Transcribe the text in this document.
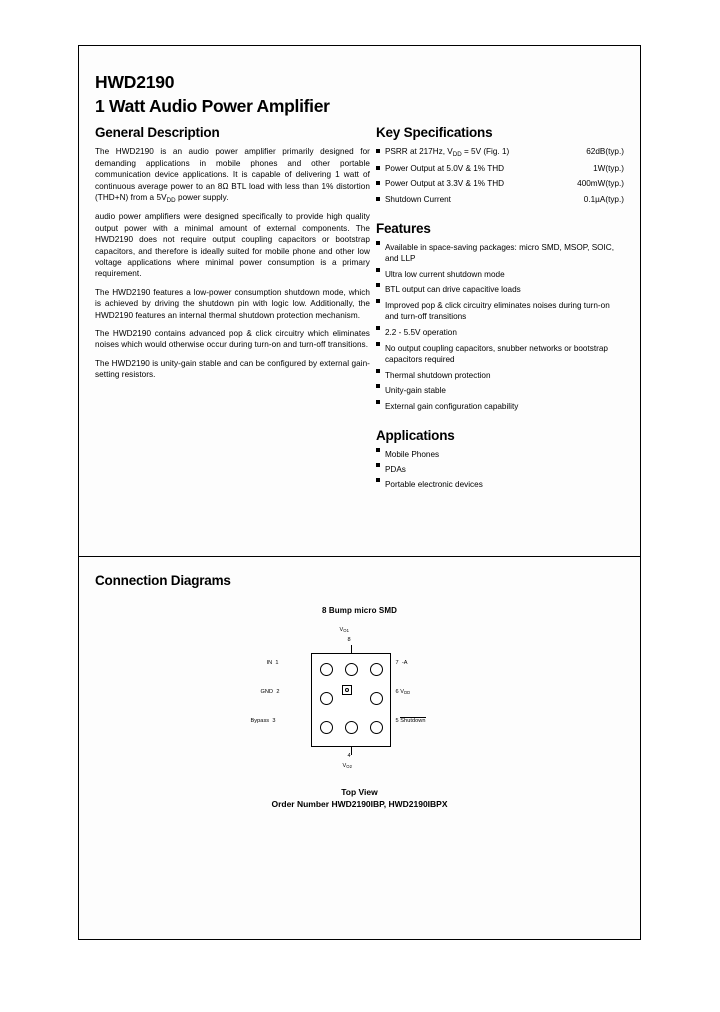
HWD2190
1 Watt Audio Power Amplifier
General Description

The HWD2190 is an audio power amplifier primarily designed for demanding applications in mobile phones and other portable communication device applications. It is capable of delivering 1 watt of continuous average power to an 8Ω BTL load with less than 1% distortion (THD+N) from a $5V_{DD}$ power supply.

audio power amplifiers were designed specifically to provide high quality output power with a minimal amount of external components. The HWD2190 does not require output coupling capacitors or bootstrap capacitors, and therefore is ideally suited for mobile phone and other low voltage applications where minimal power consumption is a primary requirement.

The HWD2190 features a low-power consumption shutdown mode, which is achieved by driving the shutdown pin with logic low. Additionally, the HWD2190 features an internal thermal shutdown protection mechanism.

The HWD2190 contains advanced pop & click circuitry which eliminates noises which would otherwise occur during turn-on and turn-off transitions.

The HWD2190 is unity-gain stable and can be configured by external gain-setting resistors.

Key Specifications
PSRR at 217Hz, $V_{DD} = 5V$ (Fig. 1)	62dB(typ.)
Power Output at 5.0V & 1% THD	1W(typ.)
Power Output at 3.3V & 1% THD	400mW(typ.)
Shutdown Current	0.1µA(typ.)
Features
Available in space-saving packages: micro SMD, MSOP, SOIC, and LLP
Ultra low current shutdown mode
BTL output can drive capacitive loads
Improved pop & click circuitry eliminates noises during turn-on and turn-off transitions
2.2 - 5.5V operation
No output coupling capacitors, snubber networks or bootstrap capacitors required
Thermal shutdown protection
Unity-gain stable
External gain configuration capability
Applications
Mobile Phones
PDAs
Portable electronic devices
Connection Diagrams
8 Bump micro SMD
$V_{O1}$
8
IN 1
GND 2
Bypass 3
7 -A
6 $V_{DD}$
5 Shutdown
4
$V_{O2}$
Top View
Order Number HWD2190IBP, HWD2190IBPX
